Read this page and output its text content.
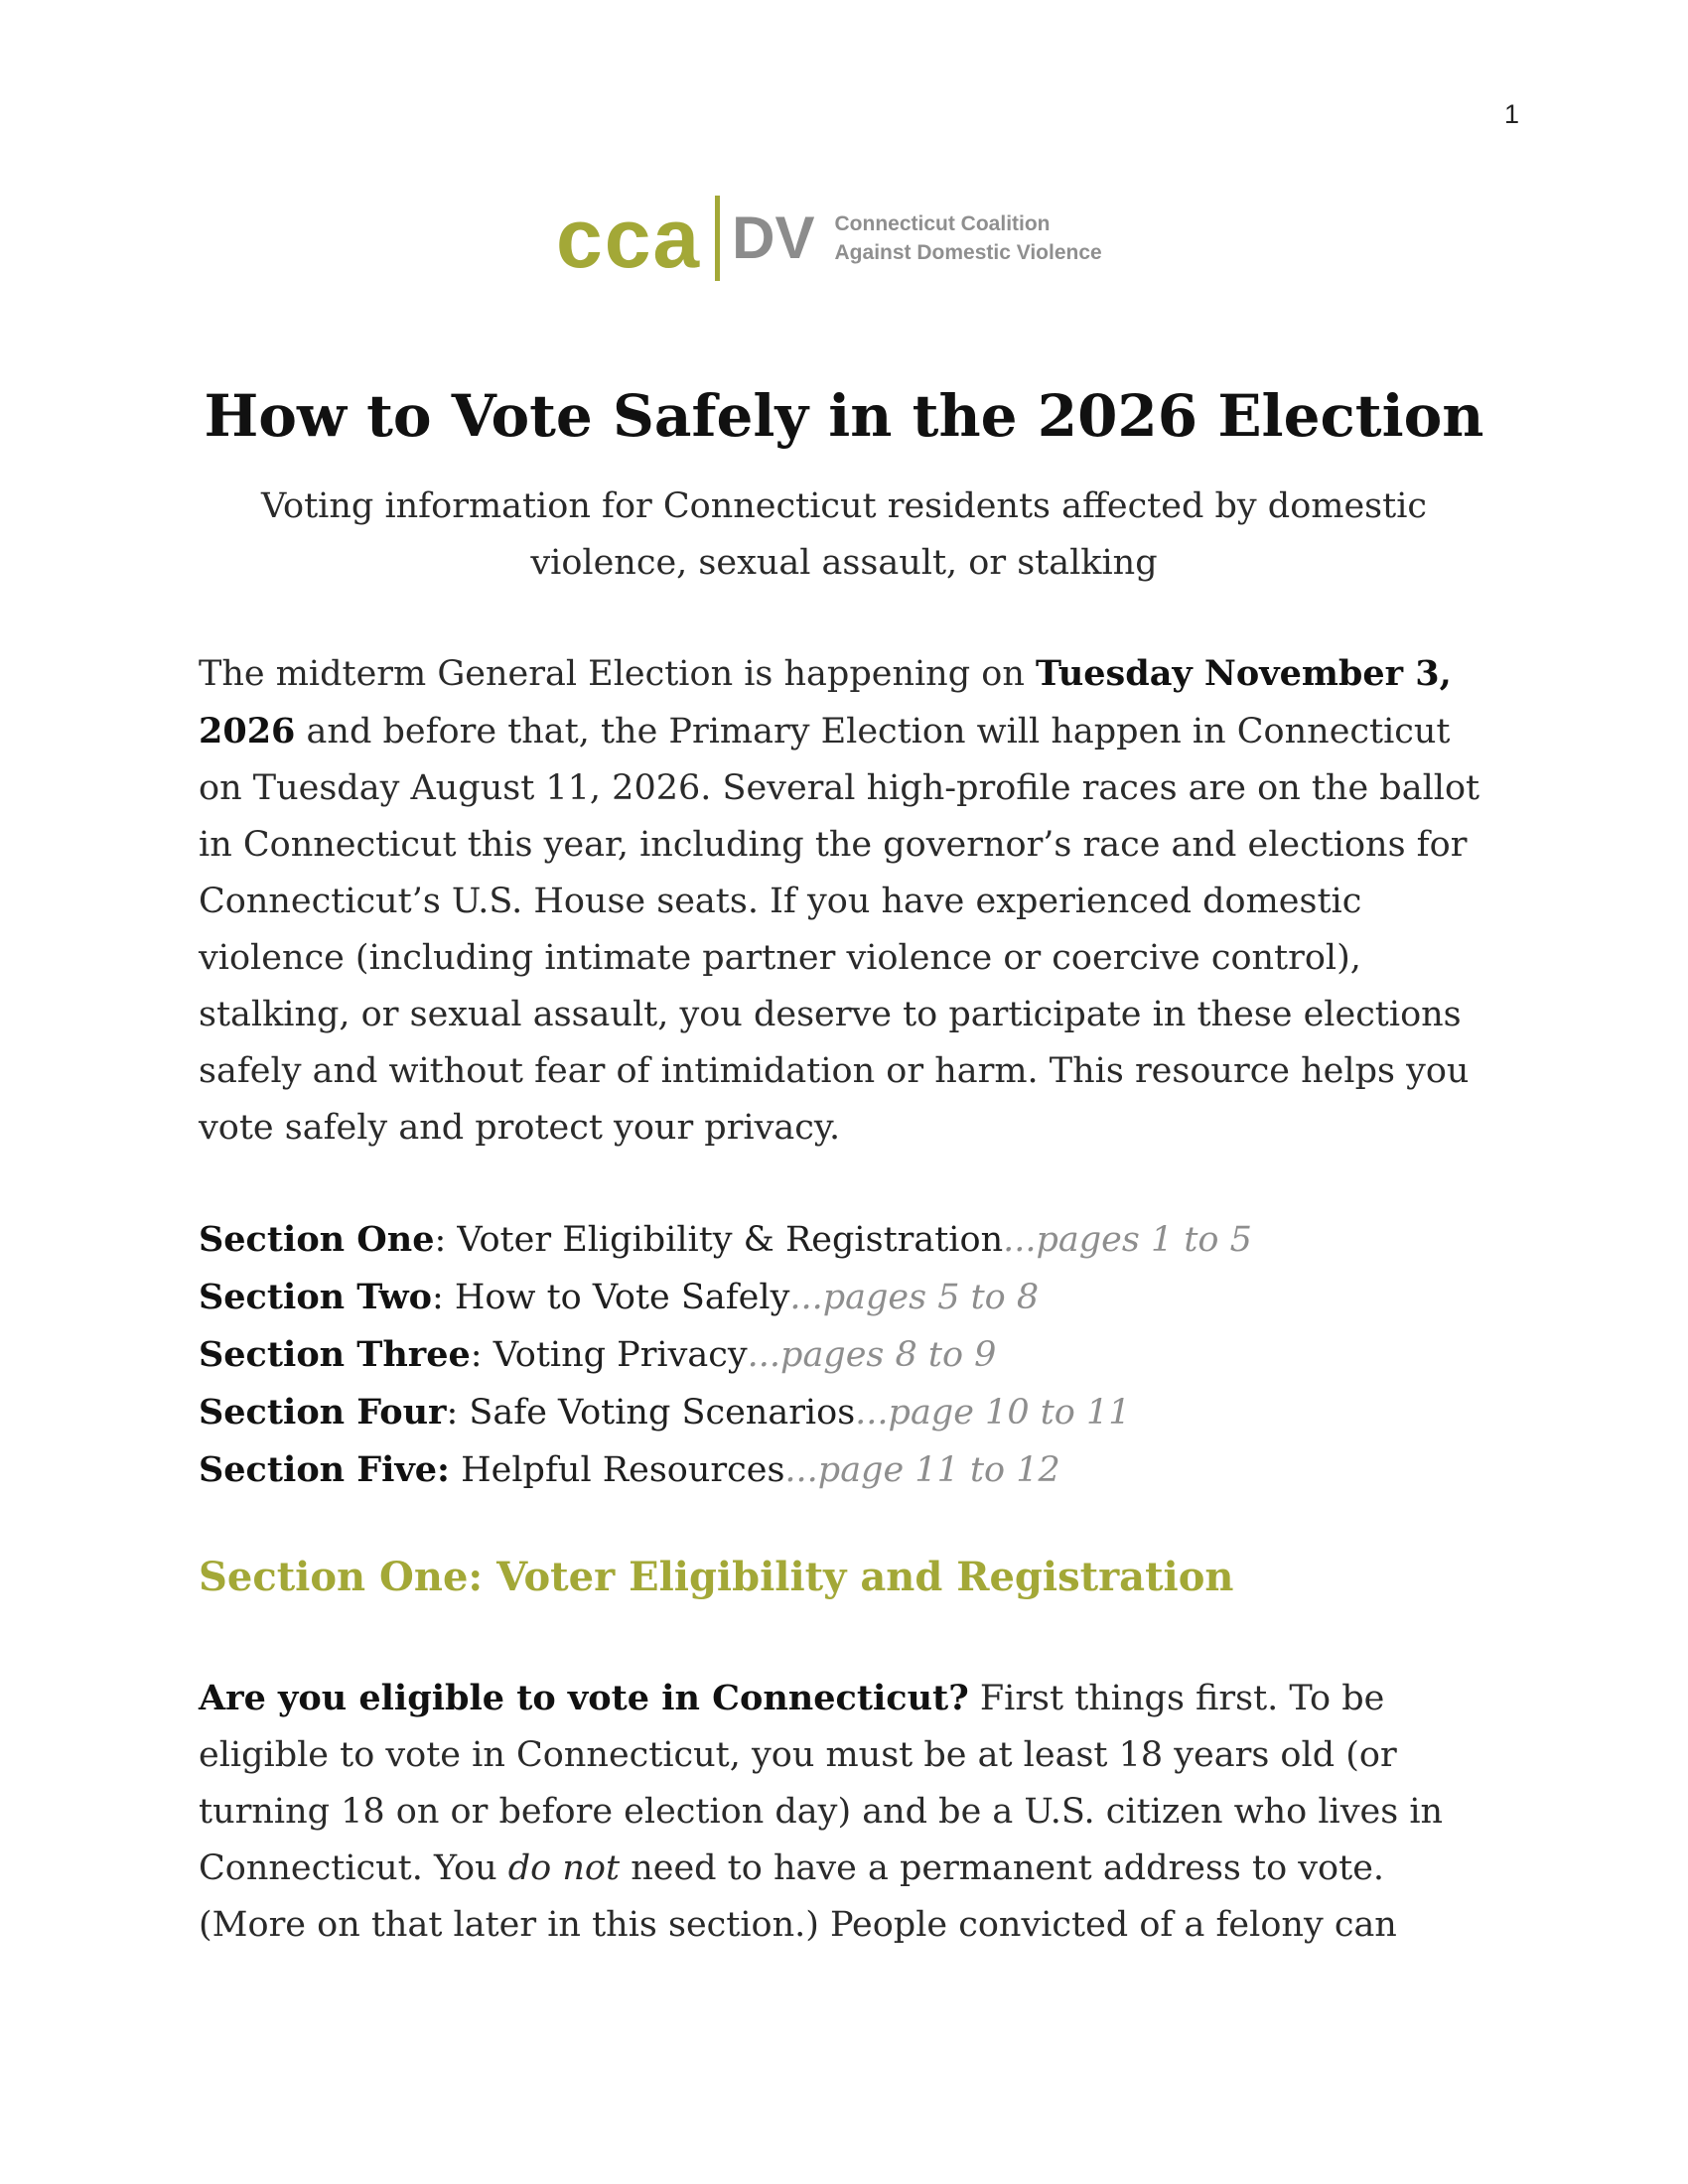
1
cca DV Connecticut Coalition
Against Domestic Violence
How to Vote Safely in the 2026 Election

Voting information for Connecticut residents affected by domestic violence, sexual assault, or stalking

The midterm General Election is happening on Tuesday November 3, 2026 and before that, the Primary Election will happen in Connecticut on Tuesday August 11, 2026. Several high-profile races are on the ballot in Connecticut this year, including the governor’s race and elections for Connecticut’s U.S. House seats. If you have experienced domestic violence (including intimate partner violence or coercive control), stalking, or sexual assault, you deserve to participate in these elections safely and without fear of intimidation or harm. This resource helps you vote safely and protect your privacy.

Section One: Voter Eligibility & Registration...pages 1 to 5
Section Two: How to Vote Safely...pages 5 to 8
Section Three: Voting Privacy...pages 8 to 9
Section Four: Safe Voting Scenarios...page 10 to 11
Section Five: Helpful Resources...page 11 to 12
Section One: Voter Eligibility and Registration

Are you eligible to vote in Connecticut? First things first. To be eligible to vote in Connecticut, you must be at least 18 years old (or turning 18 on or before election day) and be a U.S. citizen who lives in Connecticut. You do not need to have a permanent address to vote. (More on that later in this section.) People convicted of a felony can
